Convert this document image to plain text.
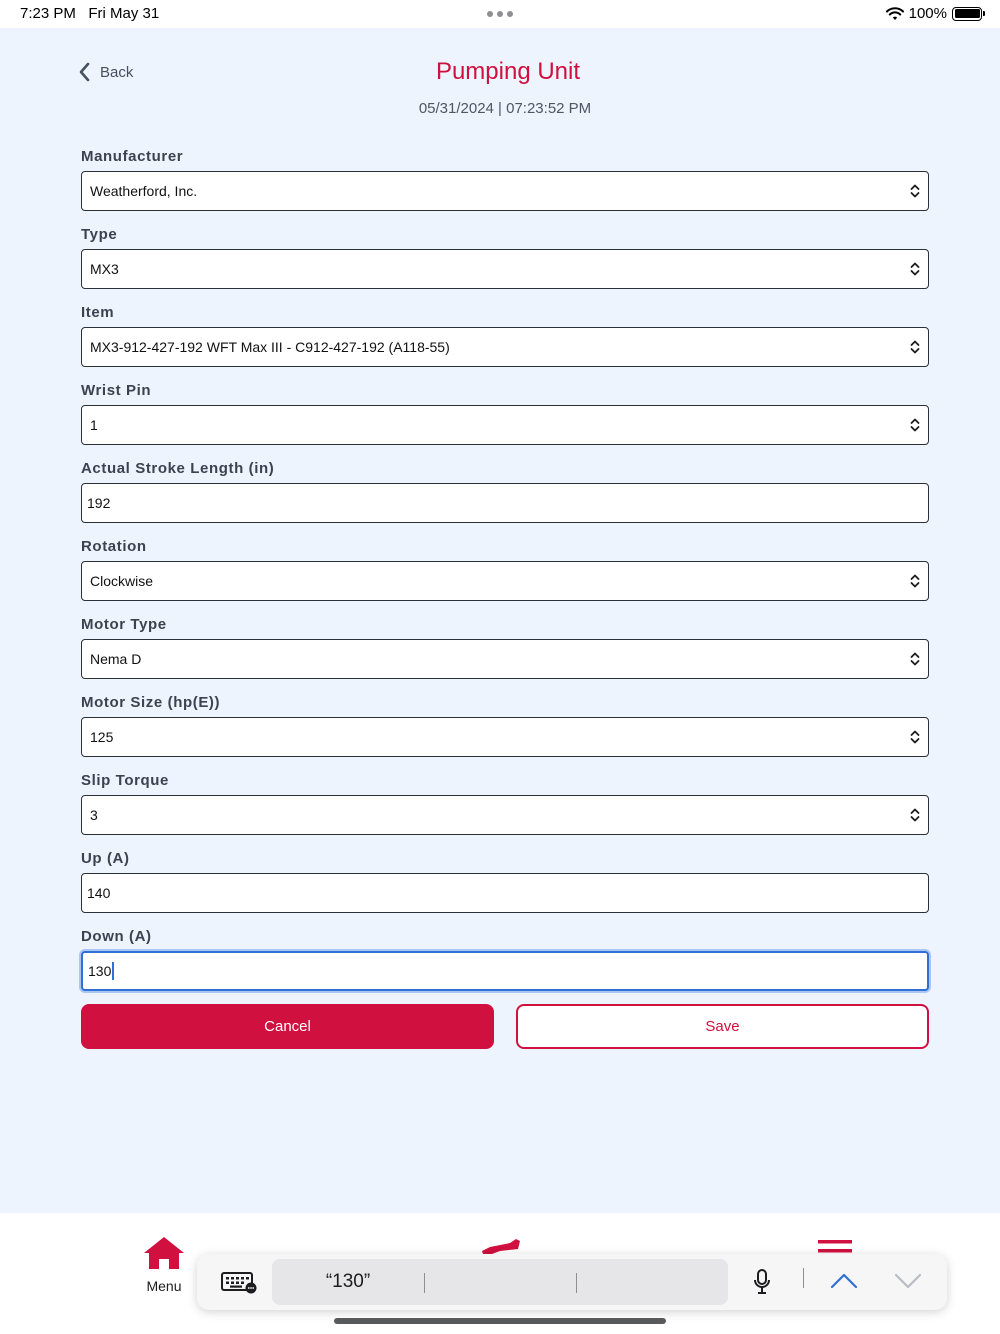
7:23 PM Fri May 31	100%
Back	Pumping Unit
05/31/2024 | 07:23:52 PM
Manufacturer
Weatherford, Inc.
Type
MX3
Item
MX3-912-427-192 WFT Max III - C912-427-192 (A118-55)
Wrist Pin
1
Actual Stroke Length (in)
192
Rotation
Clockwise
Motor Type
Nema D
Motor Size (hp(E))
125
Slip Torque
3
Up (A)
140
Down (A)
130
Cancel	Save
Menu	“130”
